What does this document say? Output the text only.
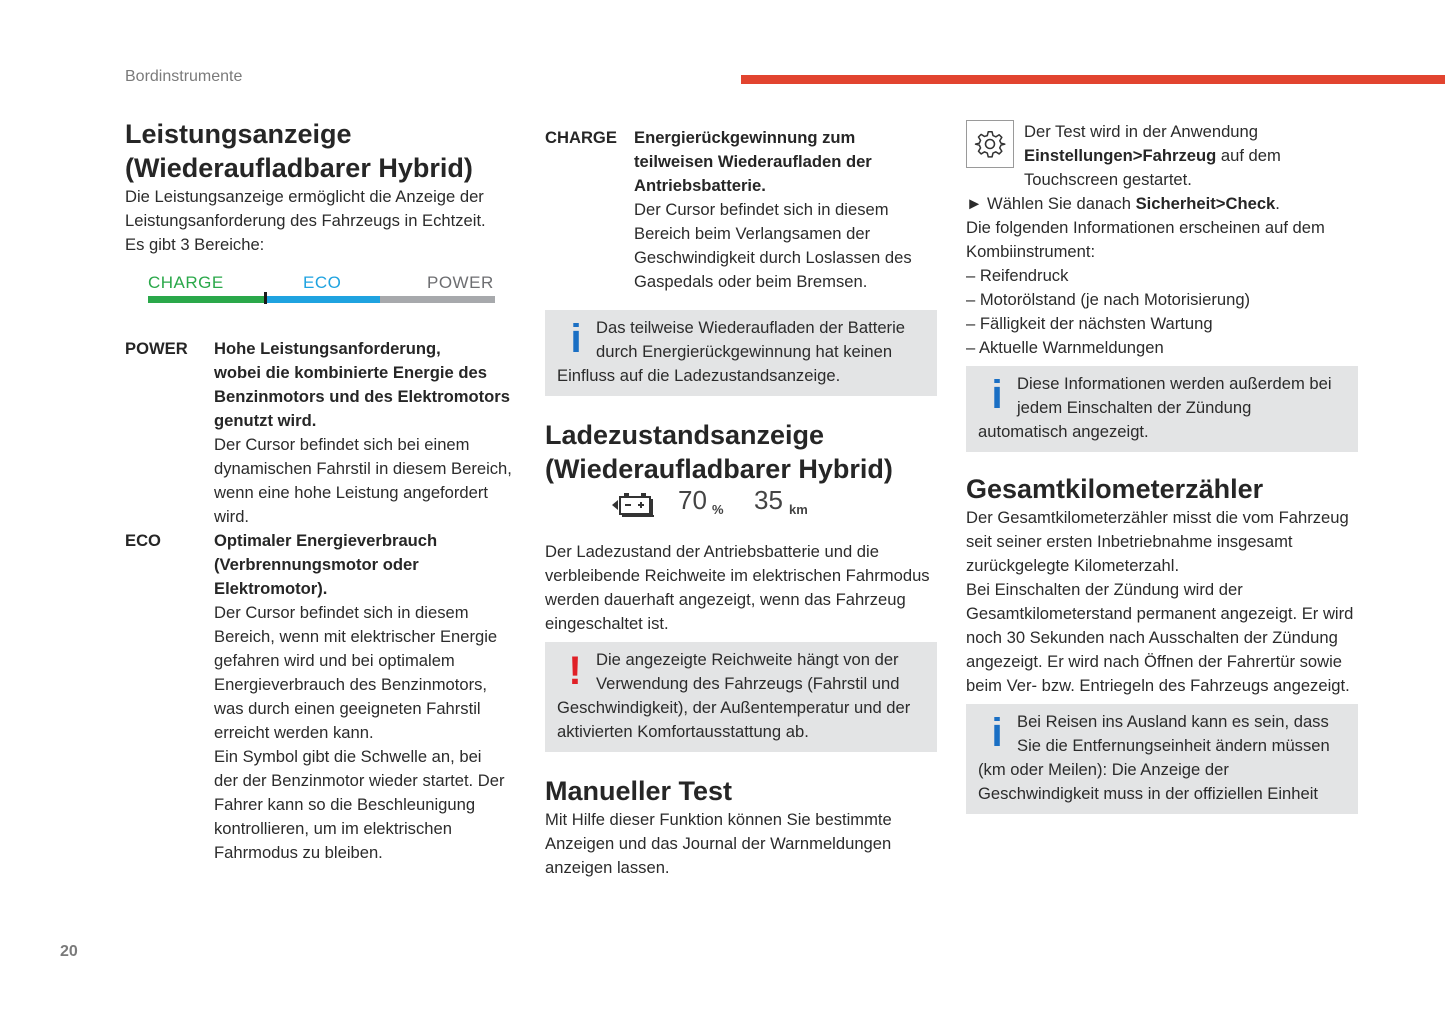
Bordinstrumente
Leistungsanzeige
(Wiederaufladbarer Hybrid)

Die Leistungsanzeige ermöglicht die Anzeige der
Leistungsanforderung des Fahrzeugs in Echtzeit.
Es gibt 3 Bereiche:

CHARGE	ECO	POWER
POWER	Hohe Leistungsanforderung,
wobei die kombinierte Energie des
Benzinmotors und des Elektromotors
genutzt wird.
Der Cursor befindet sich bei einem
dynamischen Fahrstil in diesem Bereich,
wenn eine hohe Leistung angefordert
wird.
ECO	Optimaler Energieverbrauch
(Verbrennungsmotor oder
Elektromotor).
Der Cursor befindet sich in diesem
Bereich, wenn mit elektrischer Energie
gefahren wird und bei optimalem
Energieverbrauch des Benzinmotors,
was durch einen geeigneten Fahrstil
erreicht werden kann.
Ein Symbol gibt die Schwelle an, bei
der der Benzinmotor wieder startet. Der
Fahrer kann so die Beschleunigung
kontrollieren, um im elektrischen
Fahrmodus zu bleiben.
CHARGE	Energierückgewinnung zum
teilweisen Wiederaufladen der
Antriebsbatterie.
Der Cursor befindet sich in diesem
Bereich beim Verlangsamen der
Geschwindigkeit durch Loslassen des
Gaspedals oder beim Bremsen.
i Das teilweise Wiederaufladen der Batterie
durch Energierückgewinnung hat keinen
Einfluss auf die Ladezustandsanzeige.
Ladezustandsanzeige
(Wiederaufladbarer Hybrid)
70 % 35 km

Der Ladezustand der Antriebsbatterie und die
verbleibende Reichweite im elektrischen Fahrmodus
werden dauerhaft angezeigt, wenn das Fahrzeug
eingeschaltet ist.

! Die angezeigte Reichweite hängt von der
Verwendung des Fahrzeugs (Fahrstil und
Geschwindigkeit), der Außentemperatur und der
aktivierten Komfortausstattung ab.
Manueller Test

Mit Hilfe dieser Funktion können Sie bestimmte
Anzeigen und das Journal der Warnmeldungen
anzeigen lassen.

Der Test wird in der Anwendung
Einstellungen>Fahrzeug auf dem
Touchscreen gestartet.

► Wählen Sie danach Sicherheit>Check.

Die folgenden Informationen erscheinen auf dem
Kombiinstrument:

– Reifendruck
– Motorölstand (je nach Motorisierung)
– Fälligkeit der nächsten Wartung
– Aktuelle Warnmeldungen
i Diese Informationen werden außerdem bei
jedem Einschalten der Zündung
automatisch angezeigt.
Gesamtkilometerzähler

Der Gesamtkilometerzähler misst die vom Fahrzeug
seit seiner ersten Inbetriebnahme insgesamt
zurückgelegte Kilometerzahl.
Bei Einschalten der Zündung wird der
Gesamtkilometerstand permanent angezeigt. Er wird
noch 30 Sekunden nach Ausschalten der Zündung
angezeigt. Er wird nach Öffnen der Fahrertür sowie
beim Ver- bzw. Entriegeln des Fahrzeugs angezeigt.

i Bei Reisen ins Ausland kann es sein, dass
Sie die Entfernungseinheit ändern müssen
(km oder Meilen): Die Anzeige der
Geschwindigkeit muss in der offiziellen Einheit
20
